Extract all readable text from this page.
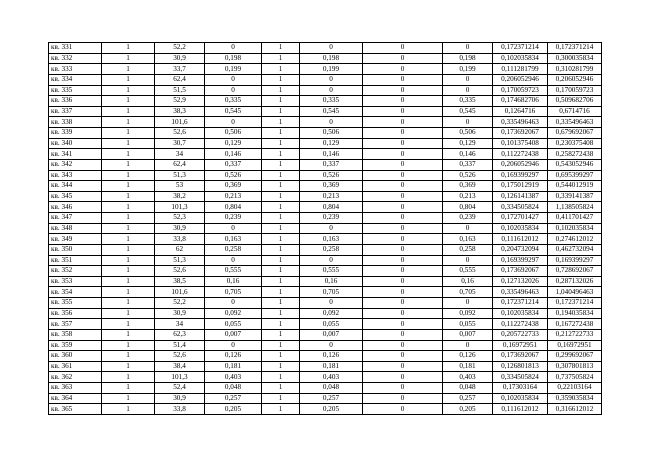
кв. 331	1	52,2	0	1	0	0	0	0,172371214	0,172371214
кв. 332	1	30,9	0,198	1	0,198	0	0,198	0,102035834	0,300035834
кв. 333	1	33,7	0,199	1	0,199	0	0,199	0,111281799	0,310281799
кв. 334	1	62,4	0	1	0	0	0	0,206052946	0,206052946
кв. 335	1	51,5	0	1	0	0	0	0,170059723	0,170059723
кв. 336	1	52,9	0,335	1	0,335	0	0,335	0,174682706	0,509682706
кв. 337	1	38,3	0,545	1	0,545	0	0,545	0,1264716	0,6714716
кв. 338	1	101,6	0	1	0	0	0	0,335496463	0,335496463
кв. 339	1	52,6	0,506	1	0,506	0	0,506	0,173692067	0,679692067
кв. 340	1	30,7	0,129	1	0,129	0	0,129	0,101375408	0,230375408
кв. 341	1	34	0,146	1	0,146	0	0,146	0,112272438	0,258272438
кв. 342	1	62,4	0,337	1	0,337	0	0,337	0,206052946	0,543052946
кв. 343	1	51,3	0,526	1	0,526	0	0,526	0,169399297	0,695399297
кв. 344	1	53	0,369	1	0,369	0	0,369	0,175012919	0,544012919
кв. 345	1	38,2	0,213	1	0,213	0	0,213	0,126141387	0,339141387
кв. 346	1	101,3	0,804	1	0,804	0	0,804	0,334505824	1,138505824
кв. 347	1	52,3	0,239	1	0,239	0	0,239	0,172701427	0,411701427
кв. 348	1	30,9	0	1	0	0	0	0,102035834	0,102035834
кв. 349	1	33,8	0,163	1	0,163	0	0,163	0,111612012	0,274612012
кв. 350	1	62	0,258	1	0,258	0	0,258	0,204732094	0,462732094
кв. 351	1	51,3	0	1	0	0	0	0,169399297	0,169399297
кв. 352	1	52,6	0,555	1	0,555	0	0,555	0,173692067	0,728692067
кв. 353	1	38,5	0,16	1	0,16	0	0,16	0,127132026	0,287132026
кв. 354	1	101,6	0,705	1	0,705	0	0,705	0,335496463	1,040496463
кв. 355	1	52,2	0	1	0	0	0	0,172371214	0,172371214
кв. 356	1	30,9	0,092	1	0,092	0	0,092	0,102035834	0,194035834
кв. 357	1	34	0,055	1	0,055	0	0,055	0,112272438	0,167272438
кв. 358	1	62,3	0,007	1	0,007	0	0,007	0,205722733	0,212722733
кв. 359	1	51,4	0	1	0	0	0	0,16972951	0,16972951
кв. 360	1	52,6	0,126	1	0,126	0	0,126	0,173692067	0,299692067
кв. 361	1	38,4	0,181	1	0,181	0	0,181	0,126801813	0,307801813
кв. 362	1	101,3	0,403	1	0,403	0	0,403	0,334505824	0,737505824
кв. 363	1	52,4	0,048	1	0,048	0	0,048	0,17303164	0,22103164
кв. 364	1	30,9	0,257	1	0,257	0	0,257	0,102035834	0,359035834
кв. 365	1	33,8	0,205	1	0,205	0	0,205	0,111612012	0,316612012
